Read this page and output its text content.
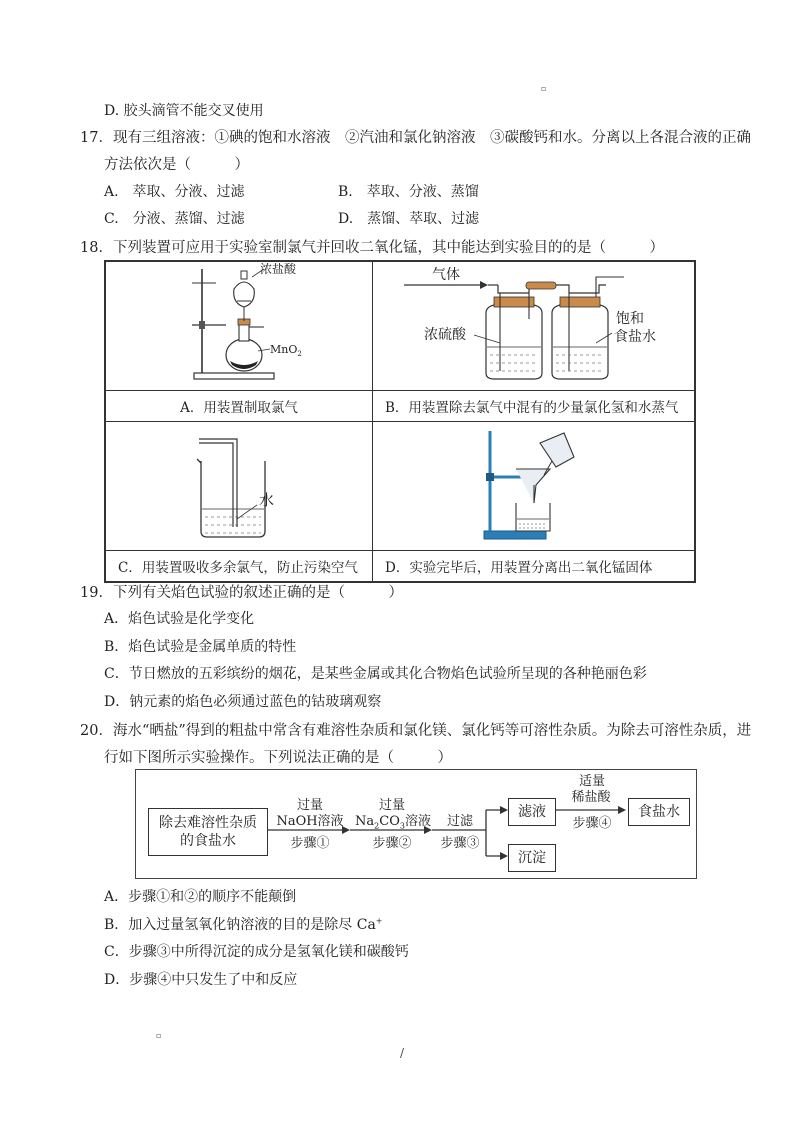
▫
D. 胶头滴管不能交叉使用
17．现有三组溶液：①碘的饱和水溶液　②汽油和氯化钠溶液　③碳酸钙和水。分离以上各混合液的正确
方法依次是（　　　）
A.　萃取、分液、过滤	B.　萃取、分液、蒸馏
C.　分液、蒸馏、过滤	D.　蒸馏、萃取、过滤
18．下列装置可应用于实验室制氯气并回收二氧化锰，其中能达到实验目的的是（　　　）
浓盐酸
MnO$_2$	气体
浓硫酸
饱和
食盐水

A．用装置制取氯气	B．用装置除去氯气中混有的少量氯化氢和水蒸气

水

C．用装置吸收多余氯气，防止污染空气	D．实验完毕后，用装置分离出二氧化锰固体
19．下列有关焰色试验的叙述正确的是（　　　）
A．焰色试验是化学变化
B．焰色试验是金属单质的特性
C．节日燃放的五彩缤纷的烟花，是某些金属或其化合物焰色试验所呈现的各种艳丽色彩
D．钠元素的焰色必须通过蓝色的钴玻璃观察
20．海水“晒盐”得到的粗盐中常含有难溶性杂质和氯化镁、氯化钙等可溶性杂质。为除去可溶性杂质，进
行如下图所示实验操作。下列说法正确的是（　　　）
除去难溶性杂质
的食盐水
过量
NaOH溶液
步骤①
过量
$Na_2CO_3$溶液
步骤②
过滤
步骤③
滤液
沉淀
适量
稀盐酸
步骤④
食盐水
A．步骤①和②的顺序不能颠倒
B．加入过量氢氧化钠溶液的目的是除尽 Ca+
C．步骤③中所得沉淀的成分是氢氧化镁和碳酸钙
D．步骤④中只发生了中和反应
▫
/
